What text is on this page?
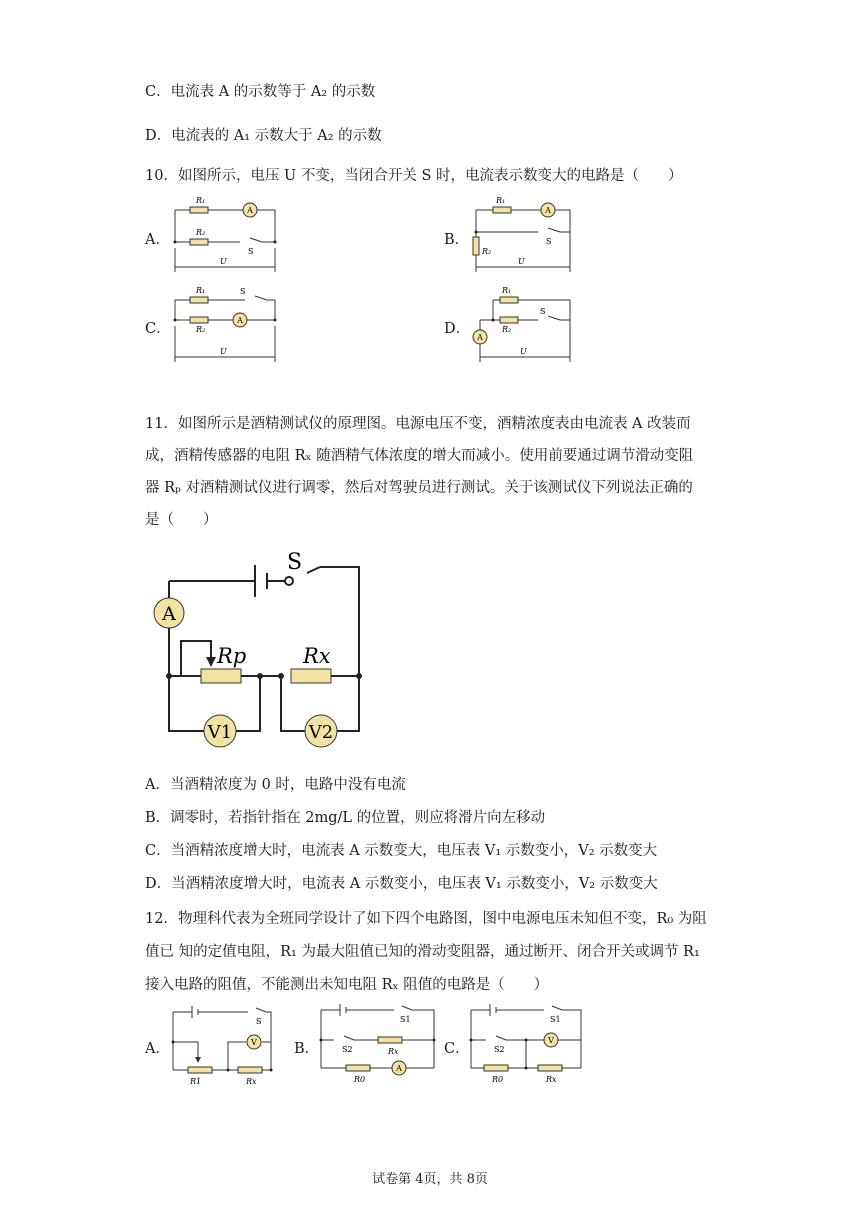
C．电流表 A 的示数等于 A₂ 的示数
D．电流表的 A₁ 示数大于 A₂ 的示数
10．如图所示，电压 U 不变，当闭合开关 S 时，电流表示数变大的电路是（　　）
A．
A
R₁
R₂
S
U
B．
R₁
A
S
R₂
U
C．
R₁	S
R₂
A
U
D．
R₁
R₂
S
A
U
11．如图所示是酒精测试仪的原理图。电源电压不变，酒精浓度表由电流表 A 改装而
成，酒精传感器的电阻 Rₓ 随酒精气体浓度的增大而减小。使用前要通过调节滑动变阻
器 Rₚ 对酒精测试仪进行调零，然后对驾驶员进行测试。关于该测试仪下列说法正确的
是（　　）
S
A
Rp	Rx
V1	V2
A．当酒精浓度为 0 时，电路中没有电流
B．调零时，若指针指在 2mg/L 的位置，则应将滑片向左移动
C．当酒精浓度增大时，电流表 A 示数变大，电压表 V₁ 示数变小，V₂ 示数变大
D．当酒精浓度增大时，电流表 A 示数变小，电压表 V₁ 示数变小，V₂ 示数变大
12．物理科代表为全班同学设计了如下四个电路图，图中电源电压未知但不变，R₀ 为阻
值已 知的定值电阻，R₁ 为最大阻值已知的滑动变阻器，通过断开、闭合开关或调节 R₁
接入电路的阻值，不能测出未知电阻 Rₓ 阻值的电路是（　　）
A．
S
R1	Rx
V	B．
S1
S2	Rx
R0
A
C．
S1
S2
V
R0	Rx
试卷第 4页，共 8页
